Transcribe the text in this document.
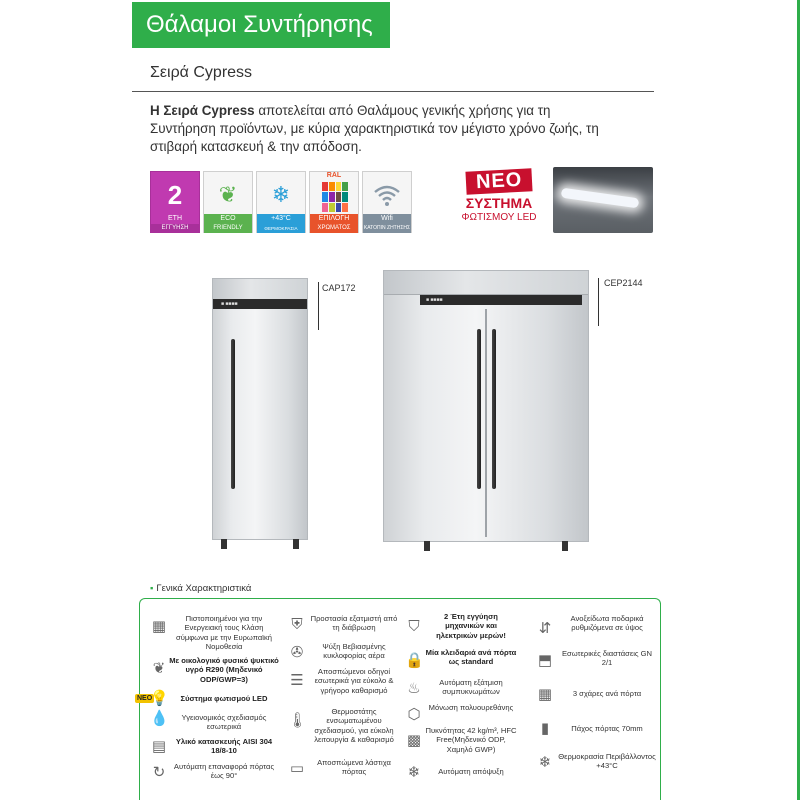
Θάλαμοι Συντήρησης
Σειρά Cypress

Η Σειρά Cypress αποτελείται από Θαλάμους γενικής χρήσης για τη Συντήρηση προϊόντων, με κύρια χαρακτηριστικά τον μέγιστο χρόνο ζωής, τη στιβαρή κατασκευή & την απόδοση.

2
ΕΤΗ
ΕΓΓΥΗΣΗ
❦
ECO
FRIENDLY
❄
+43°C
ΘΕΡΜΟΚΡΑΣΙΑ ΠΕΡΙΒΑΛΛΟΝΤΟΣ
RAL
ΕΠΙΛΟΓΗ
ΧΡΩΜΑΤΟΣ
Wifi
ΚΑΤΟΠΙΝ ΖΗΤΗΣΗΣ
ΝΕΟ
ΣΥΣΤΗΜΑ
ΦΩΤΙΣΜΟΥ LED
■ ■■■■
CAP172
■ ■■■■
CEP2144
▪ Γενικά Χαρακτηριστικά
ΝΕΟ
▦	Πιστοποιημένοι για την Ενεργειακή τους Κλάση σύμφωνα με την Ευρωπαϊκή Νομοθεσία
❦ Με οικολογικό φυσικό ψυκτικό υγρό R290 (Μηδενικό ODP/GWP=3)
💡	Σύστημα φωτισμού LED
💧	Υγειονομικός σχεδιασμός εσωτερικά
▤	Υλικό κατασκευής AISI 304 18/8-10
↻	Αυτόματη επαναφορά πόρτας έως 90°
⛨	Προστασία εξατμιστή από τη διάβρωση
✇	Ψύξη Βεβιασμένης κυκλοφορίας αέρα
☰
Αποσπώμενοι οδηγοί εσωτερικά για εύκολο & γρήγορο καθαρισμό
🌡
Θερμοστάτης ενσωματωμένου σχεδιασμού, για εύκολη λειτουργία & καθαρισμό
▭	Αποσπώμενα λάστιχα πόρτας
⛉
2 Έτη εγγύηση μηχανικών και ηλεκτρικών μερών!
🔒 Μία κλειδαριά ανά πόρτα ως standard
♨	Αυτόματη εξάτμιση συμπυκνωμάτων
⬡	Μόνωση πολυουρεθάνης
▩
Πυκνότητας 42 kg/m³, HFC Free(Μηδενικό ODP, Χαμηλό GWP)
❄	Αυτόματη απόψυξη
⇵
Ανοξείδωτα ποδαρικά ρυθμιζόμενα σε ύψος
⬒	Εσωτερικές διαστάσεις GN 2/1
▦	3 σχάρες ανά πόρτα
▮	Πάχος πόρτας 70mm
❄ Θερμοκρασία Περιβάλλοντος +43°C
